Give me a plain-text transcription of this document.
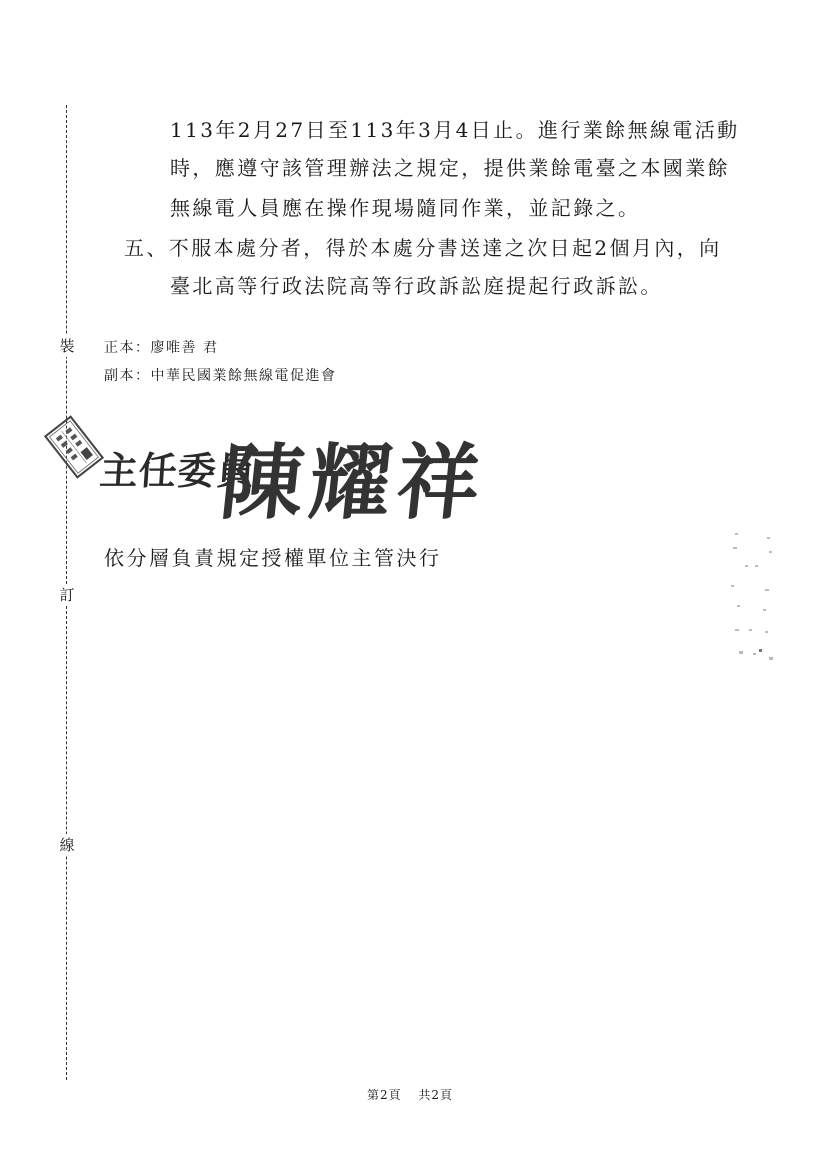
裝
訂
線
113年2月27日至113年3月4日止。進行業餘無線電活動
時，應遵守該管理辦法之規定，提供業餘電臺之本國業餘
無線電人員應在操作現場隨同作業，並記錄之。
五、不服本處分者，得於本處分書送達之次日起2個月內，向
臺北高等行政法院高等行政訴訟庭提起行政訴訟。
正本：廖唯善 君
副本：中華民國業餘無線電促進會
主任委員
陳耀祥
依分層負責規定授權單位主管決行
第2頁 共2頁
